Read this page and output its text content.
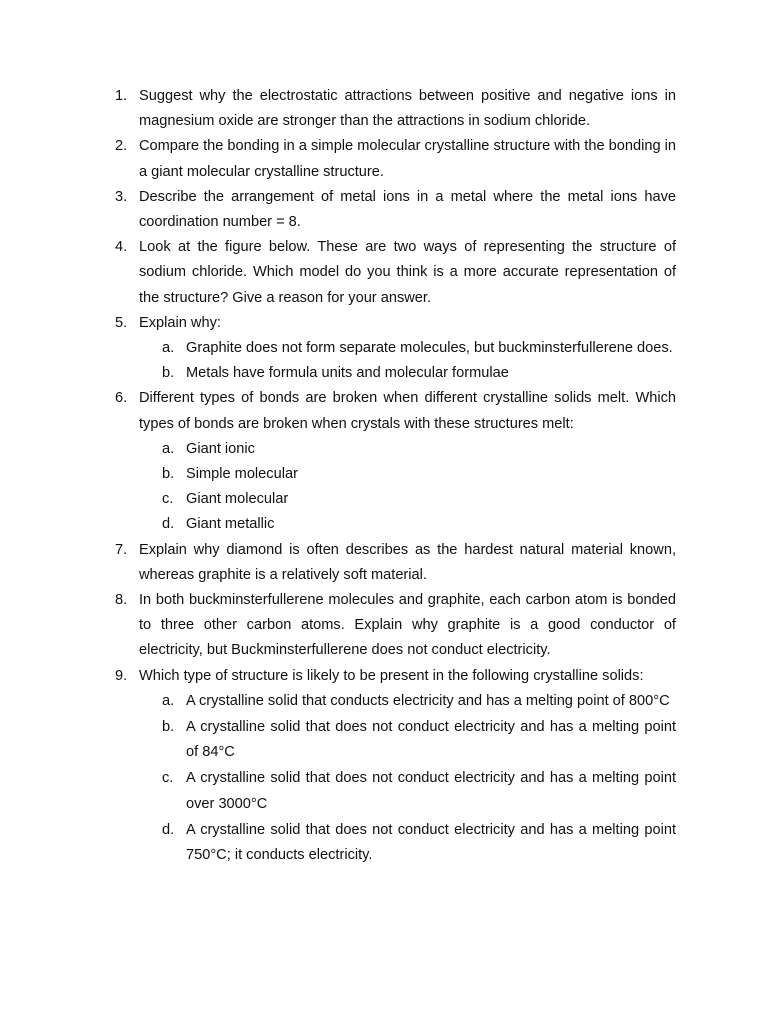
1. Suggest why the electrostatic attractions between positive and negative ions in magnesium oxide are stronger than the attractions in sodium chloride.
2. Compare the bonding in a simple molecular crystalline structure with the bonding in a giant molecular crystalline structure.
3. Describe the arrangement of metal ions in a metal where the metal ions have coordination number = 8.
4. Look at the figure below. These are two ways of representing the structure of sodium chloride. Which model do you think is a more accurate representation of the structure? Give a reason for your answer.
5. Explain why:
a. Graphite does not form separate molecules, but buckminsterfullerene does.
b. Metals have formula units and molecular formulae
6. Different types of bonds are broken when different crystalline solids melt. Which types of bonds are broken when crystals with these structures melt:
a. Giant ionic
b. Simple molecular
c. Giant molecular
d. Giant metallic
7. Explain why diamond is often describes as the hardest natural material known, whereas graphite is a relatively soft material.
8. In both buckminsterfullerene molecules and graphite, each carbon atom is bonded to three other carbon atoms. Explain why graphite is a good conductor of electricity, but Buckminsterfullerene does not conduct electricity.
9. Which type of structure is likely to be present in the following crystalline solids:
a. A crystalline solid that conducts electricity and has a melting point of 800°C
b. A crystalline solid that does not conduct electricity and has a melting point of 84°C
c. A crystalline solid that does not conduct electricity and has a melting point over 3000°C
d. A crystalline solid that does not conduct electricity and has a melting point 750°C; it conducts electricity.
